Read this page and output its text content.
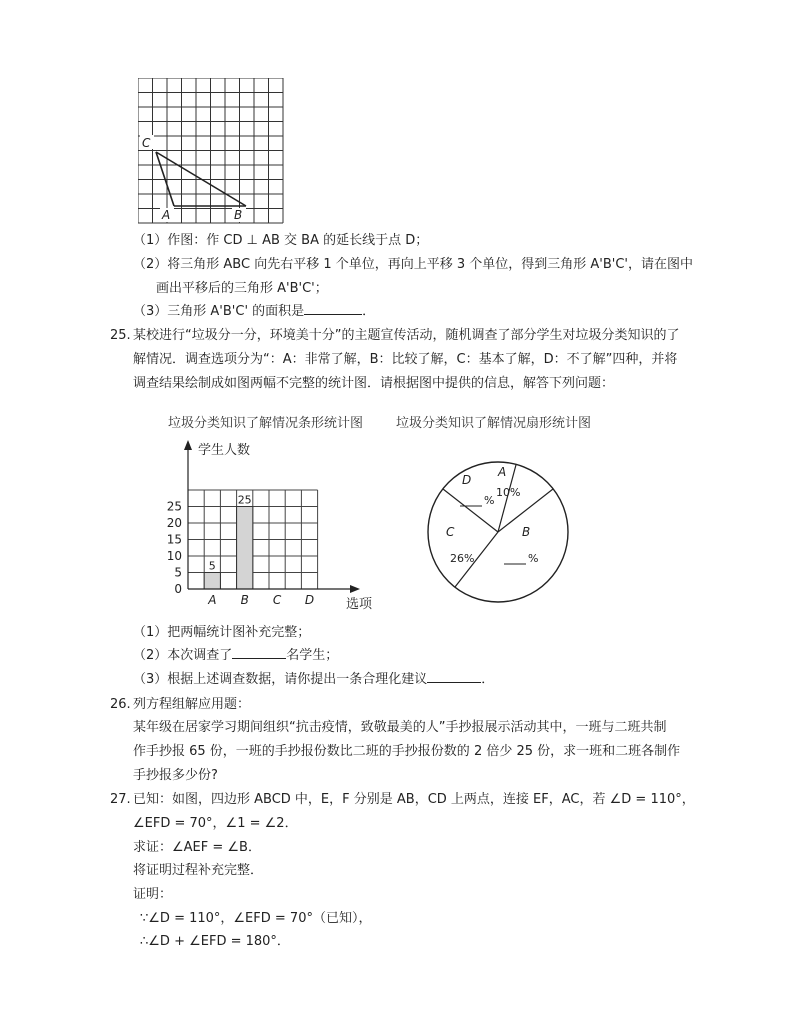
C
A	B
（1）作图：作 CD ⊥ AB 交 BA 的延长线于点 D；
（2）将三角形 ABC 向先右平移 1 个单位，再向上平移 3 个单位，得到三角形 A'B'C'，请在图中
画出平移后的三角形 A'B'C'；
（3）三角形 A'B'C' 的面积是	．
25. 某校进行“垃圾分一分，环境美十分”的主题宣传活动，随机调查了部分学生对垃圾分类知识的了
解情况．调查选项分为“：A：非常了解，B：比较了解，C：基本了解，D：不了解”四种，并将
调查结果绘制成如图两幅不完整的统计图．请根据图中提供的信息，解答下列问题：
垃圾分类知识了解情况条形统计图
5
25
0
5
10
15
20
25
A B C D
学生人数
选项
垃圾分类知识了解情况扇形统计图
A
10%
B
%
C
26%
D
%
（1）把两幅统计图补充完整；
（2）本次调查了	名学生；
（3）根据上述调查数据，请你提出一条合理化建议	．
26. 列方程组解应用题：
某年级在居家学习期间组织“抗击疫情，致敬最美的人”手抄报展示活动其中，一班与二班共制
作手抄报 65 份，一班的手抄报份数比二班的手抄报份数的 2 倍少 25 份，求一班和二班各制作
手抄报多少份?
27. 已知：如图，四边形 ABCD 中，E，F 分别是 AB，CD 上两点，连接 EF，AC，若 ∠D = 110°，
∠EFD = 70°，∠1 = ∠2．
求证：∠AEF = ∠B．
将证明过程补充完整．
证明：
∵∠D = 110°，∠EFD = 70°（已知），
∴∠D + ∠EFD = 180°．
